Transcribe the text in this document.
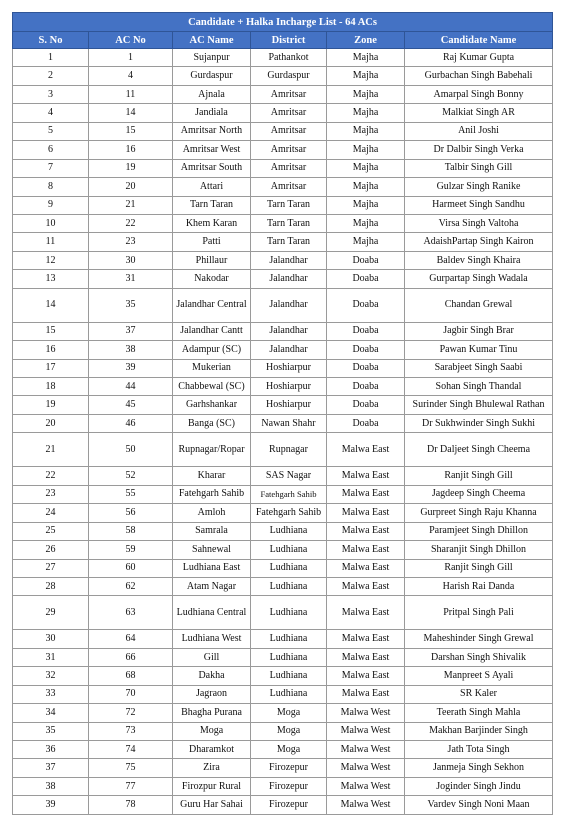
Candidate + Halka Incharge List - 64 ACs					
S. No	AC No	AC Name	District	Zone	Candidate Name
1	1	Sujanpur	Pathankot	Majha	Raj Kumar Gupta
2	4	Gurdaspur	Gurdaspur	Majha	Gurbachan Singh Babehali
3	11	Ajnala	Amritsar	Majha	Amarpal Singh Bonny
4	14	Jandiala	Amritsar	Majha	Malkiat Singh AR
5	15	Amritsar North	Amritsar	Majha	Anil Joshi
6	16	Amritsar West	Amritsar	Majha	Dr Dalbir Singh Verka
7	19	Amritsar South	Amritsar	Majha	Talbir Singh Gill
8	20	Attari	Amritsar	Majha	Gulzar Singh Ranike
9	21	Tarn Taran	Tarn Taran	Majha	Harmeet Singh Sandhu
10	22	Khem Karan	Tarn Taran	Majha	Virsa Singh Valtoha
11	23	Patti	Tarn Taran	Majha	AdaishPartap Singh Kairon
12	30	Phillaur	Jalandhar	Doaba	Baldev Singh Khaira
13	31	Nakodar	Jalandhar	Doaba	Gurpartap Singh Wadala
14	35	Jalandhar Central	Jalandhar	Doaba	Chandan Grewal
15	37	Jalandhar Cantt	Jalandhar	Doaba	Jagbir Singh Brar
16	38	Adampur (SC)	Jalandhar	Doaba	Pawan Kumar Tinu
17	39	Mukerian	Hoshiarpur	Doaba	Sarabjeet Singh Saabi
18	44	Chabbewal (SC)	Hoshiarpur	Doaba	Sohan Singh Thandal
19	45	Garhshankar	Hoshiarpur	Doaba	Surinder Singh Bhulewal Rathan
20	46	Banga (SC)	Nawan Shahr	Doaba	Dr Sukhwinder Singh Sukhi
21	50	Rupnagar/Ropar	Rupnagar	Malwa East	Dr Daljeet Singh Cheema
22	52	Kharar	SAS Nagar	Malwa East	Ranjit Singh Gill
23	55	Fatehgarh Sahib	Fatehgarh Sahib	Malwa East	Jagdeep Singh Cheema
24	56	Amloh	Fatehgarh Sahib	Malwa East	Gurpreet Singh Raju Khanna
25	58	Samrala	Ludhiana	Malwa East	Paramjeet Singh Dhillon
26	59	Sahnewal	Ludhiana	Malwa East	Sharanjit Singh Dhillon
27	60	Ludhiana East	Ludhiana	Malwa East	Ranjit Singh Gill
28	62	Atam Nagar	Ludhiana	Malwa East	Harish Rai Danda
29	63	Ludhiana Central	Ludhiana	Malwa East	Pritpal Singh Pali
30	64	Ludhiana West	Ludhiana	Malwa East	Maheshinder Singh Grewal
31	66	Gill	Ludhiana	Malwa East	Darshan Singh Shivalik
32	68	Dakha	Ludhiana	Malwa East	Manpreet S Ayali
33	70	Jagraon	Ludhiana	Malwa East	SR Kaler
34	72	Bhagha Purana	Moga	Malwa West	Teerath Singh Mahla
35	73	Moga	Moga	Malwa West	Makhan Barjinder Singh
36	74	Dharamkot	Moga	Malwa West	Jath Tota Singh
37	75	Zira	Firozepur	Malwa West	Janmeja Singh Sekhon
38	77	Firozpur Rural	Firozepur	Malwa West	Joginder Singh Jindu
39	78	Guru Har Sahai	Firozepur	Malwa West	Vardev Singh Noni Maan
